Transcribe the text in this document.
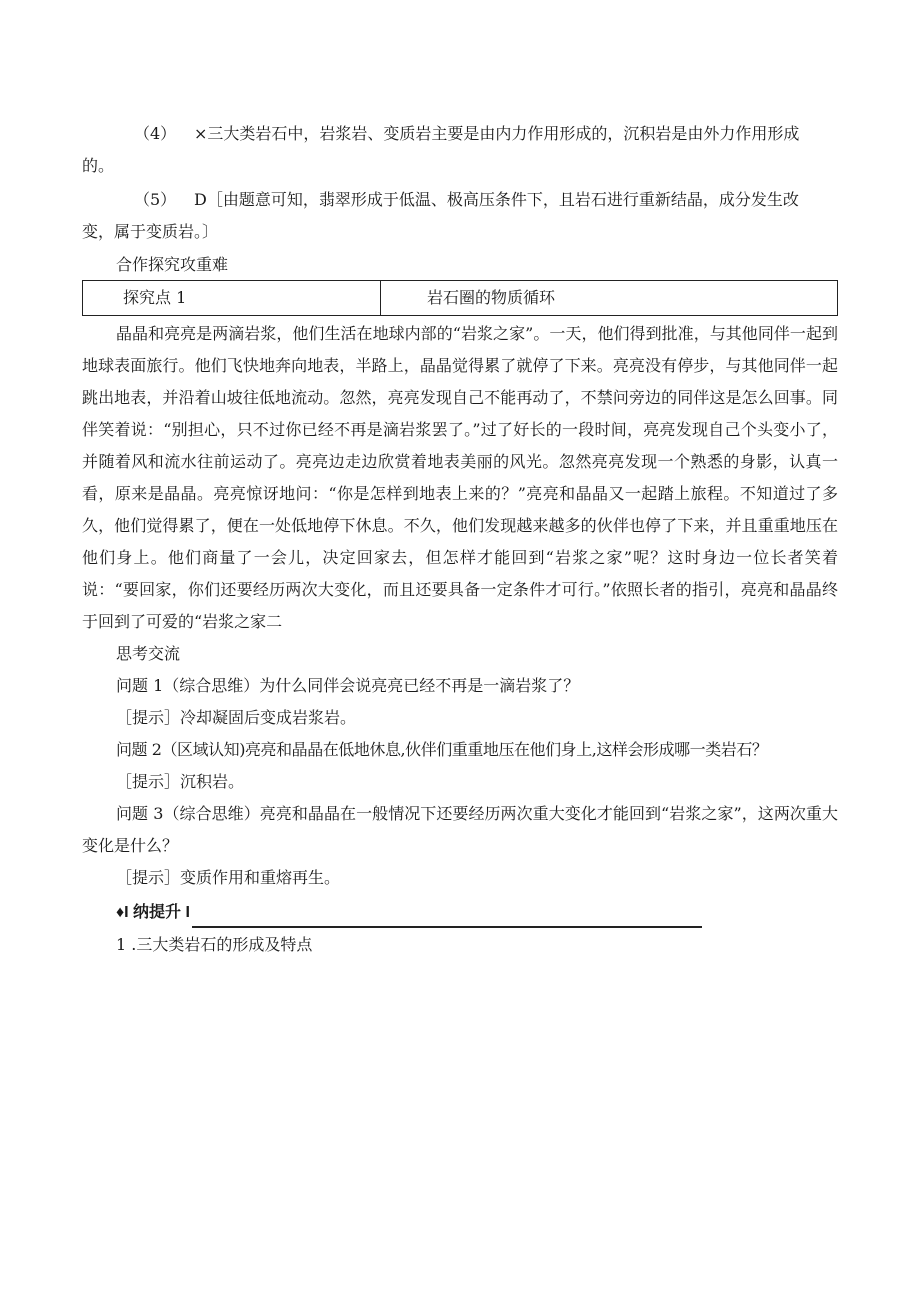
（4）	×三大类岩石中，岩浆岩、变质岩主要是由内力作用形成的，沉积岩是由外力作用形成

的。

（5）	D［由题意可知，翡翠形成于低温、极高压条件下，且岩石进行重新结晶，成分发生改

变，属于变质岩。〕

合作探究攻重难
探究点 1	岩石圈的物质循环

晶晶和亮亮是两滴岩浆，他们生活在地球内部的“岩浆之家”。一天，他们得到批准，与其他同伴一起到地球表面旅行。他们飞快地奔向地表，半路上，晶晶觉得累了就停了下来。亮亮没有停步，与其他同伴一起跳出地表，并沿着山坡往低地流动。忽然，亮亮发现自己不能再动了，不禁问旁边的同伴这是怎么回事。同伴笑着说：“别担心，只不过你已经不再是滴岩浆罢了。”过了好长的一段时间，亮亮发现自己个头变小了，并随着风和流水往前运动了。亮亮边走边欣赏着地表美丽的风光。忽然亮亮发现一个熟悉的身影，认真一看，原来是晶晶。亮亮惊讶地问：“你是怎样到地表上来的？”亮亮和晶晶又一起踏上旅程。不知道过了多久，他们觉得累了，便在一处低地停下休息。不久，他们发现越来越多的伙伴也停了下来，并且重重地压在他们身上。他们商量了一会儿，决定回家去，但怎样才能回到“岩浆之家”呢？这时身边一位长者笑着说：“要回家，你们还要经历两次大变化，而且还要具备一定条件才可行。”依照长者的指引，亮亮和晶晶终于回到了可爱的“岩浆之家二

思考交流

问题 1（综合思维）为什么同伴会说亮亮已经不再是一滴岩浆了？

［提示］冷却凝固后变成岩浆岩。

问题 2（区域认知)亮亮和晶晶在低地休息,伙伴们重重地压在他们身上,这样会形成哪一类岩石？

［提示］沉积岩。

问题 3（综合思维）亮亮和晶晶在一般情况下还要经历两次重大变化才能回到“岩浆之家”，这两次重大变化是什么？

［提示］变质作用和重熔再生。

♦I 纳提升 I
1 .三大类岩石的形成及特点
